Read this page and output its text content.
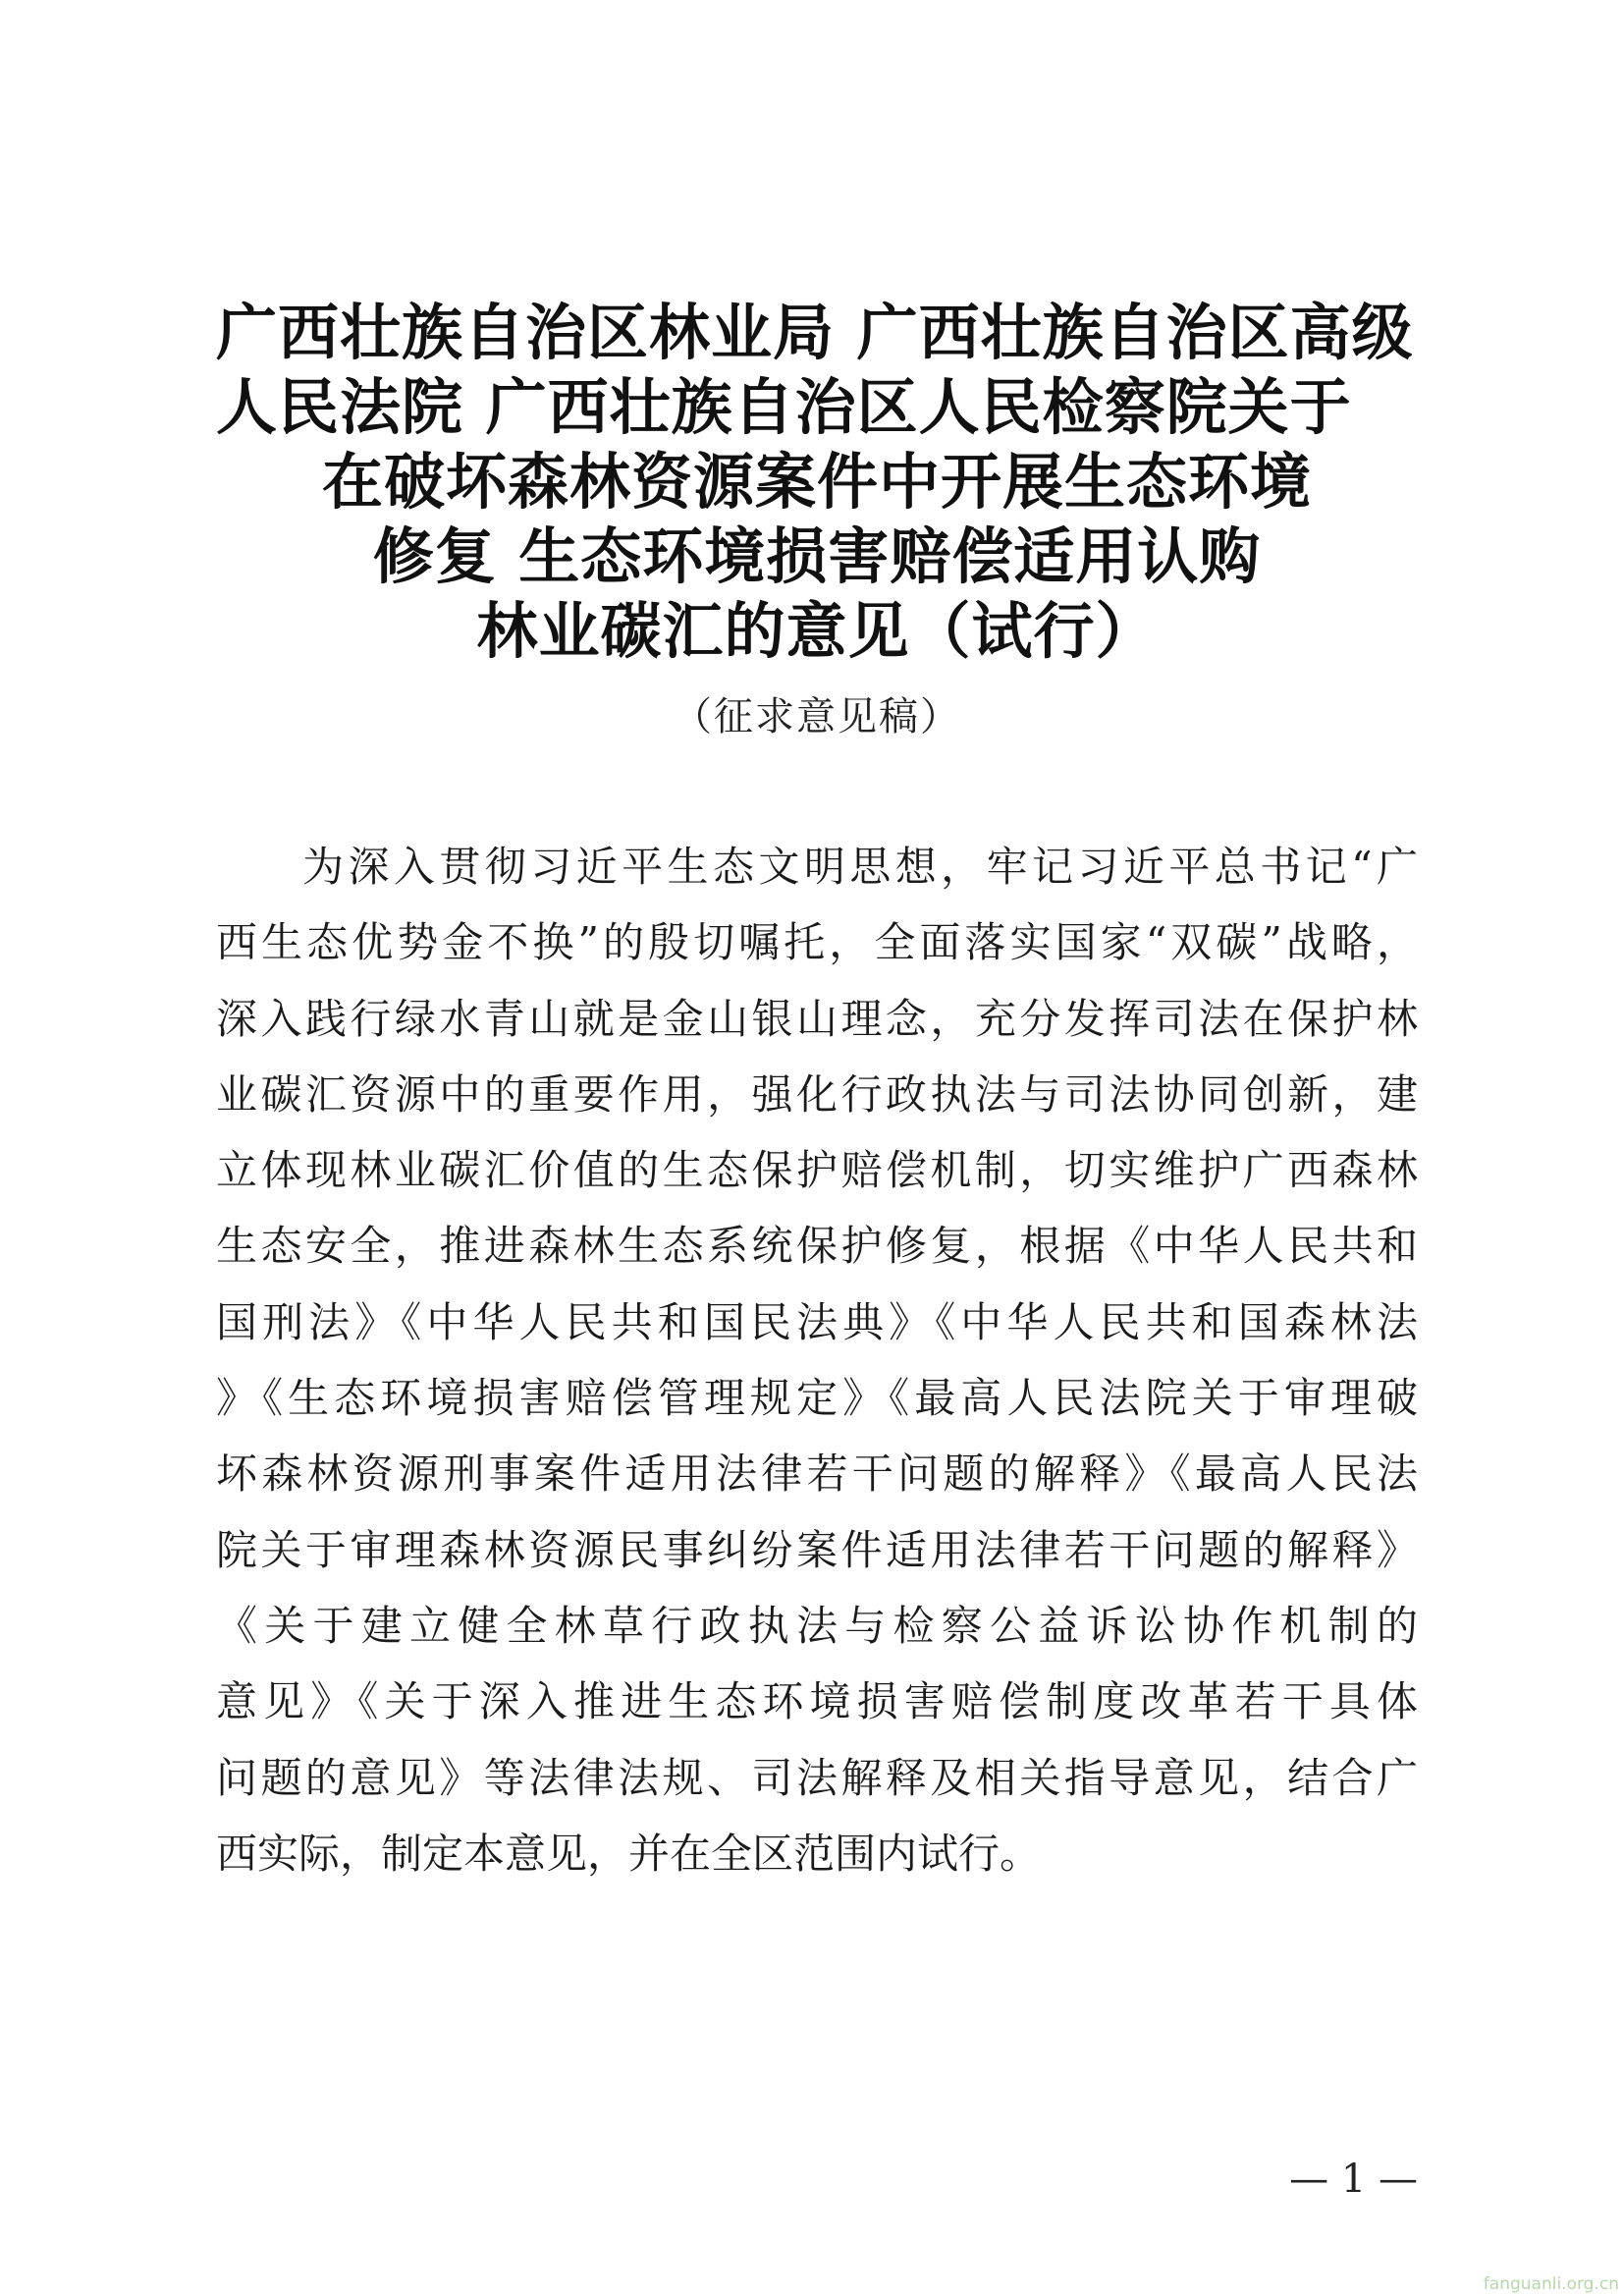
广西壮族自治区林业局 广西壮族自治区高级
人民法院 广西壮族自治区人民检察院关于
在破坏森林资源案件中开展生态环境
修复 生态环境损害赔偿适用认购
林业碳汇的意见（试行）
（征求意见稿）
为深入贯彻习近平生态文明思想，牢记习近平总书记“广
西生态优势金不换”的殷切嘱托，全面落实国家“双碳”战略，
深入践行绿水青山就是金山银山理念，充分发挥司法在保护林
业碳汇资源中的重要作用，强化行政执法与司法协同创新，建
立体现林业碳汇价值的生态保护赔偿机制，切实维护广西森林
生态安全，推进森林生态系统保护修复，根据《中华人民共和
国刑法》《中华人民共和国民法典》《中华人民共和国森林法
》《生态环境损害赔偿管理规定》《最高人民法院关于审理破
坏森林资源刑事案件适用法律若干问题的解释》《最高人民法
院关于审理森林资源民事纠纷案件适用法律若干问题的解释》
《关于建立健全林草行政执法与检察公益诉讼协作机制的
意见》《关于深入推进生态环境损害赔偿制度改革若干具体
问题的意见》等法律法规、司法解释及相关指导意见，结合广
西实际，制定本意见，并在全区范围内试行。
— 1 —
fanguanli.org.cn
